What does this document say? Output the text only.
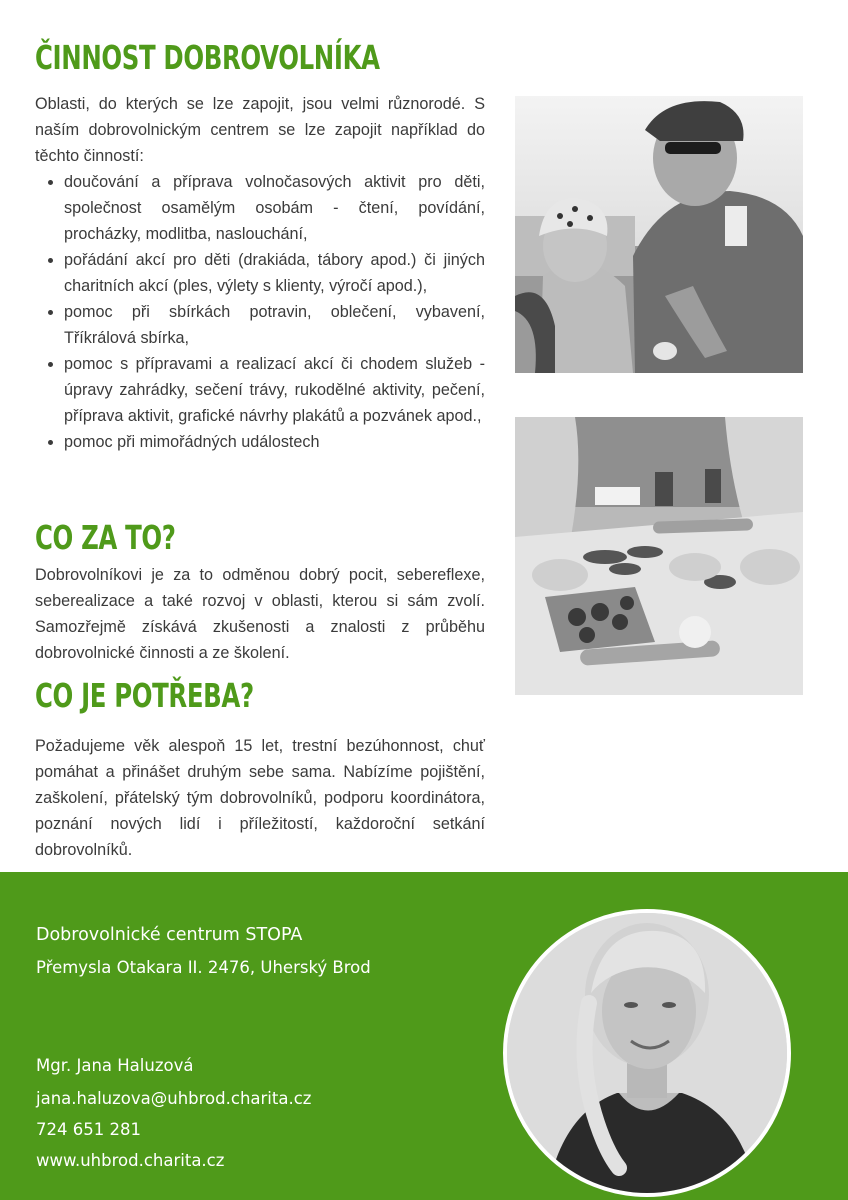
ČINNOST DOBROVOLNÍKA

Oblasti, do kterých se lze zapojit, jsou velmi různorodé. S naším dobrovolnickým centrem se lze zapojit například do těchto činností:

doučování a příprava volnočasových aktivit pro děti, společnost osamělým osobám - čtení, povídání, procházky, modlitba, naslouchání,
pořádání akcí pro děti (drakiáda, tábory apod.) či jiných charitních akcí (ples, výlety s klienty, výročí apod.),
pomoc při sbírkách potravin, oblečení, vybavení, Tříkrálová sbírka,
pomoc s přípravami a realizací akcí či chodem služeb - úpravy zahrádky, sečení trávy, rukodělné aktivity, pečení, příprava aktivit, grafické návrhy plakátů a pozvánek apod.,
pomoc při mimořádných událostech
CO ZA TO?

Dobrovolníkovi je za to odměnou dobrý pocit, sebereflexe, seberealizace a také rozvoj v oblasti, kterou si sám zvolí. Samozřejmě získává zkušenosti a znalosti z průběhu dobrovolnické činnosti a ze školení.

CO JE POTŘEBA?

Požadujeme věk alespoň 15 let, trestní bezúhonnost, chuť pomáhat a přinášet druhým sebe sama. Nabízíme pojištění, zaškolení, přátelský tým dobrovolníků, podporu koordinátora, poznání nových lidí i příležitostí, každoroční setkání dobrovolníků.

Dobrovolnické centrum STOPA

Přemysla Otakara II. 2476, Uherský Brod

Mgr. Jana Haluzová

jana.haluzova@uhbrod.charita.cz

724 651 281

www.uhbrod.charita.cz
